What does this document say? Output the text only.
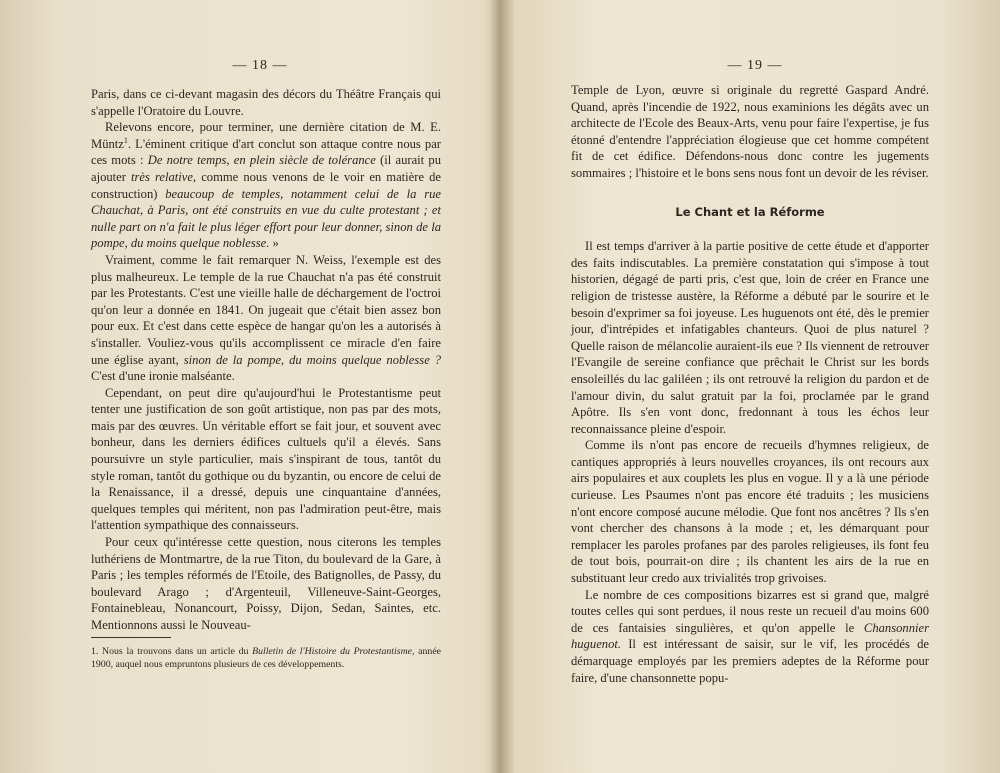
— 18 —

Paris, dans ce ci-devant magasin des décors du Théâtre Français qui s'appelle l'Oratoire du Louvre.

Relevons encore, pour terminer, une dernière citation de M. E. Müntz$^1$. L'éminent critique d'art conclut son attaque contre nous par ces mots : De notre temps, en plein siècle de tolérance (il aurait pu ajouter très relative, comme nous venons de le voir en matière de construction) beaucoup de temples, notamment celui de la rue Chauchat, à Paris, ont été construits en vue du culte protestant ; et nulle part on n'a fait le plus léger effort pour leur donner, sinon de la pompe, du moins quelque noblesse. »

Vraiment, comme le fait remarquer N. Weiss, l'exemple est des plus malheureux. Le temple de la rue Chauchat n'a pas été construit par les Protestants. C'est une vieille halle de déchargement de l'octroi qu'on leur a donnée en 1841. On jugeait que c'était bien assez bon pour eux. Et c'est dans cette espèce de hangar qu'on les a autorisés à s'installer. Vouliez-vous qu'ils accomplissent ce miracle d'en faire une église ayant, sinon de la pompe, du moins quelque noblesse ? C'est d'une ironie malséante.

Cependant, on peut dire qu'aujourd'hui le Protestantisme peut tenter une justification de son goût artistique, non pas par des mots, mais par des œuvres. Un véritable effort se fait jour, et souvent avec bonheur, dans les derniers édifices cultuels qu'il a élevés. Sans poursuivre un style particulier, mais s'inspirant de tous, tantôt du style roman, tantôt du gothique ou du byzantin, ou encore de celui de la Renaissance, il a dressé, depuis une cinquantaine d'années, quelques temples qui méritent, non pas l'admiration peut-être, mais l'attention sympathique des connaisseurs.

Pour ceux qu'intéresse cette question, nous citerons les temples luthériens de Montmartre, de la rue Titon, du boulevard de la Gare, à Paris ; les temples réformés de l'Etoile, des Batignolles, de Passy, du boulevard Arago ; d'Argenteuil, Villeneuve-Saint-Georges, Fontainebleau, Nonancourt, Poissy, Dijon, Sedan, Saintes, etc. Mentionnons aussi le Nouveau-

1. Nous la trouvons dans un article du Bulletin de l'Histoire du Protestantisme, année 1900, auquel nous empruntons plusieurs de ces développements.
— 19 —

Temple de Lyon, œuvre si originale du regretté Gaspard André. Quand, après l'incendie de 1922, nous examinions les dégâts avec un architecte de l'Ecole des Beaux-Arts, venu pour faire l'expertise, je fus étonné d'entendre l'appréciation élogieuse que cet homme compétent fit de cet édifice. Défendons-nous donc contre les jugements sommaires ; l'histoire et le bons sens nous font un devoir de les réviser.

Le Chant et la Réforme

Il est temps d'arriver à la partie positive de cette étude et d'apporter des faits indiscutables. La première constatation qui s'impose à tout historien, dégagé de parti pris, c'est que, loin de créer en France une religion de tristesse austère, la Réforme a débuté par le sourire et le besoin d'exprimer sa foi joyeuse. Les huguenots ont été, dès le premier jour, d'intrépides et infatigables chanteurs. Quoi de plus naturel ? Quelle raison de mélancolie auraient-ils eue ? Ils viennent de retrouver l'Evangile de sereine confiance que prêchait le Christ sur les bords ensoleillés du lac galiléen ; ils ont retrouvé la religion du pardon et de l'amour divin, du salut gratuit par la foi, proclamée par le grand Apôtre. Ils s'en vont donc, fredonnant à tous les échos leur reconnaissance pleine d'espoir.

Comme ils n'ont pas encore de recueils d'hymnes religieux, de cantiques appropriés à leurs nouvelles croyances, ils ont recours aux airs populaires et aux couplets les plus en vogue. Il y a là une période curieuse. Les Psaumes n'ont pas encore été traduits ; les musiciens n'ont encore composé aucune mélodie. Que font nos ancêtres ? Ils s'en vont chercher des chansons à la mode ; et, les démarquant pour remplacer les paroles profanes par des paroles religieuses, ils font feu de tout bois, pourrait-on dire ; ils chantent les airs de la rue en substituant leur credo aux trivialités trop grivoises.

Le nombre de ces compositions bizarres est si grand que, malgré toutes celles qui sont perdues, il nous reste un recueil d'au moins 600 de ces fantaisies singulières, et qu'on appelle le Chansonnier huguenot. Il est intéressant de saisir, sur le vif, les procédés de démarquage employés par les premiers adeptes de la Réforme pour faire, d'une chansonnette popu-
